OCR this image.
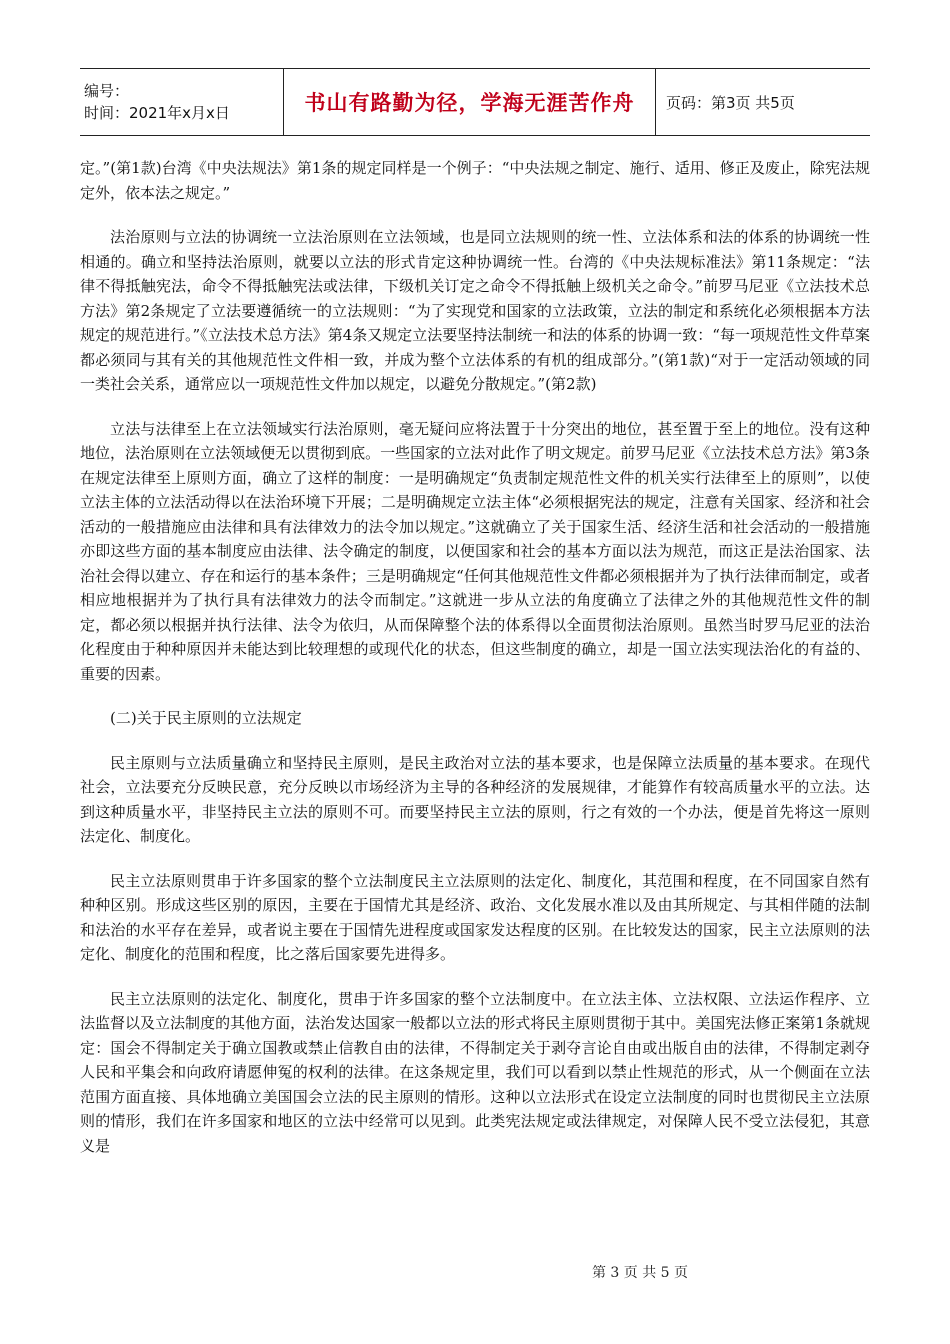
编号：
时间：2021年x月x日	书山有路勤为径，学海无涯苦作舟 页码：第3页 共5页

定。”(第1款)台湾《中央法规法》第1条的规定同样是一个例子：“中央法规之制定、施行、适用、修正及废止，除宪法规定外，依本法之规定。”

法治原则与立法的协调统一立法治原则在立法领域，也是同立法规则的统一性、立法体系和法的体系的协调统一性相通的。确立和坚持法治原则，就要以立法的形式肯定这种协调统一性。台湾的《中央法规标准法》第11条规定：“法律不得抵触宪法，命令不得抵触宪法或法律，下级机关订定之命令不得抵触上级机关之命令。”前罗马尼亚《立法技术总方法》第2条规定了立法要遵循统一的立法规则：“为了实现党和国家的立法政策，立法的制定和系统化必须根据本方法规定的规范进行。”《立法技术总方法》第4条又规定立法要坚持法制统一和法的体系的协调一致：“每一项规范性文件草案都必须同与其有关的其他规范性文件相一致，并成为整个立法体系的有机的组成部分。”(第1款)“对于一定活动领域的同一类社会关系，通常应以一项规范性文件加以规定，以避免分散规定。”(第2款)

立法与法律至上在立法领域实行法治原则，毫无疑问应将法置于十分突出的地位，甚至置于至上的地位。没有这种地位，法治原则在立法领域便无以贯彻到底。一些国家的立法对此作了明文规定。前罗马尼亚《立法技术总方法》第3条在规定法律至上原则方面，确立了这样的制度：一是明确规定“负责制定规范性文件的机关实行法律至上的原则”，以使立法主体的立法活动得以在法治环境下开展；二是明确规定立法主体“必须根据宪法的规定，注意有关国家、经济和社会活动的一般措施应由法律和具有法律效力的法令加以规定。”这就确立了关于国家生活、经济生活和社会活动的一般措施亦即这些方面的基本制度应由法律、法令确定的制度，以便国家和社会的基本方面以法为规范，而这正是法治国家、法治社会得以建立、存在和运行的基本条件；三是明确规定“任何其他规范性文件都必须根据并为了执行法律而制定，或者相应地根据并为了执行具有法律效力的法令而制定。”这就进一步从立法的角度确立了法律之外的其他规范性文件的制定，都必须以根据并执行法律、法令为依归，从而保障整个法的体系得以全面贯彻法治原则。虽然当时罗马尼亚的法治化程度由于种种原因并未能达到比较理想的或现代化的状态，但这些制度的确立，却是一国立法实现法治化的有益的、重要的因素。

(二)关于民主原则的立法规定

民主原则与立法质量确立和坚持民主原则，是民主政治对立法的基本要求，也是保障立法质量的基本要求。在现代社会，立法要充分反映民意，充分反映以市场经济为主导的各种经济的发展规律，才能算作有较高质量水平的立法。达到这种质量水平，非坚持民主立法的原则不可。而要坚持民主立法的原则，行之有效的一个办法，便是首先将这一原则法定化、制度化。

民主立法原则贯串于许多国家的整个立法制度民主立法原则的法定化、制度化，其范围和程度，在不同国家自然有种种区别。形成这些区别的原因，主要在于国情尤其是经济、政治、文化发展水准以及由其所规定、与其相伴随的法制和法治的水平存在差异，或者说主要在于国情先进程度或国家发达程度的区别。在比较发达的国家，民主立法原则的法定化、制度化的范围和程度，比之落后国家要先进得多。

民主立法原则的法定化、制度化，贯串于许多国家的整个立法制度中。在立法主体、立法权限、立法运作程序、立法监督以及立法制度的其他方面，法治发达国家一般都以立法的形式将民主原则贯彻于其中。美国宪法修正案第1条就规定：国会不得制定关于确立国教或禁止信教自由的法律，不得制定关于剥夺言论自由或出版自由的法律，不得制定剥夺人民和平集会和向政府请愿伸冤的权利的法律。在这条规定里，我们可以看到以禁止性规范的形式，从一个侧面在立法范围方面直接、具体地确立美国国会立法的民主原则的情形。这种以立法形式在设定立法制度的同时也贯彻民主立法原则的情形，我们在许多国家和地区的立法中经常可以见到。此类宪法规定或法律规定，对保障人民不受立法侵犯，其意义是

第 3 页 共 5 页
